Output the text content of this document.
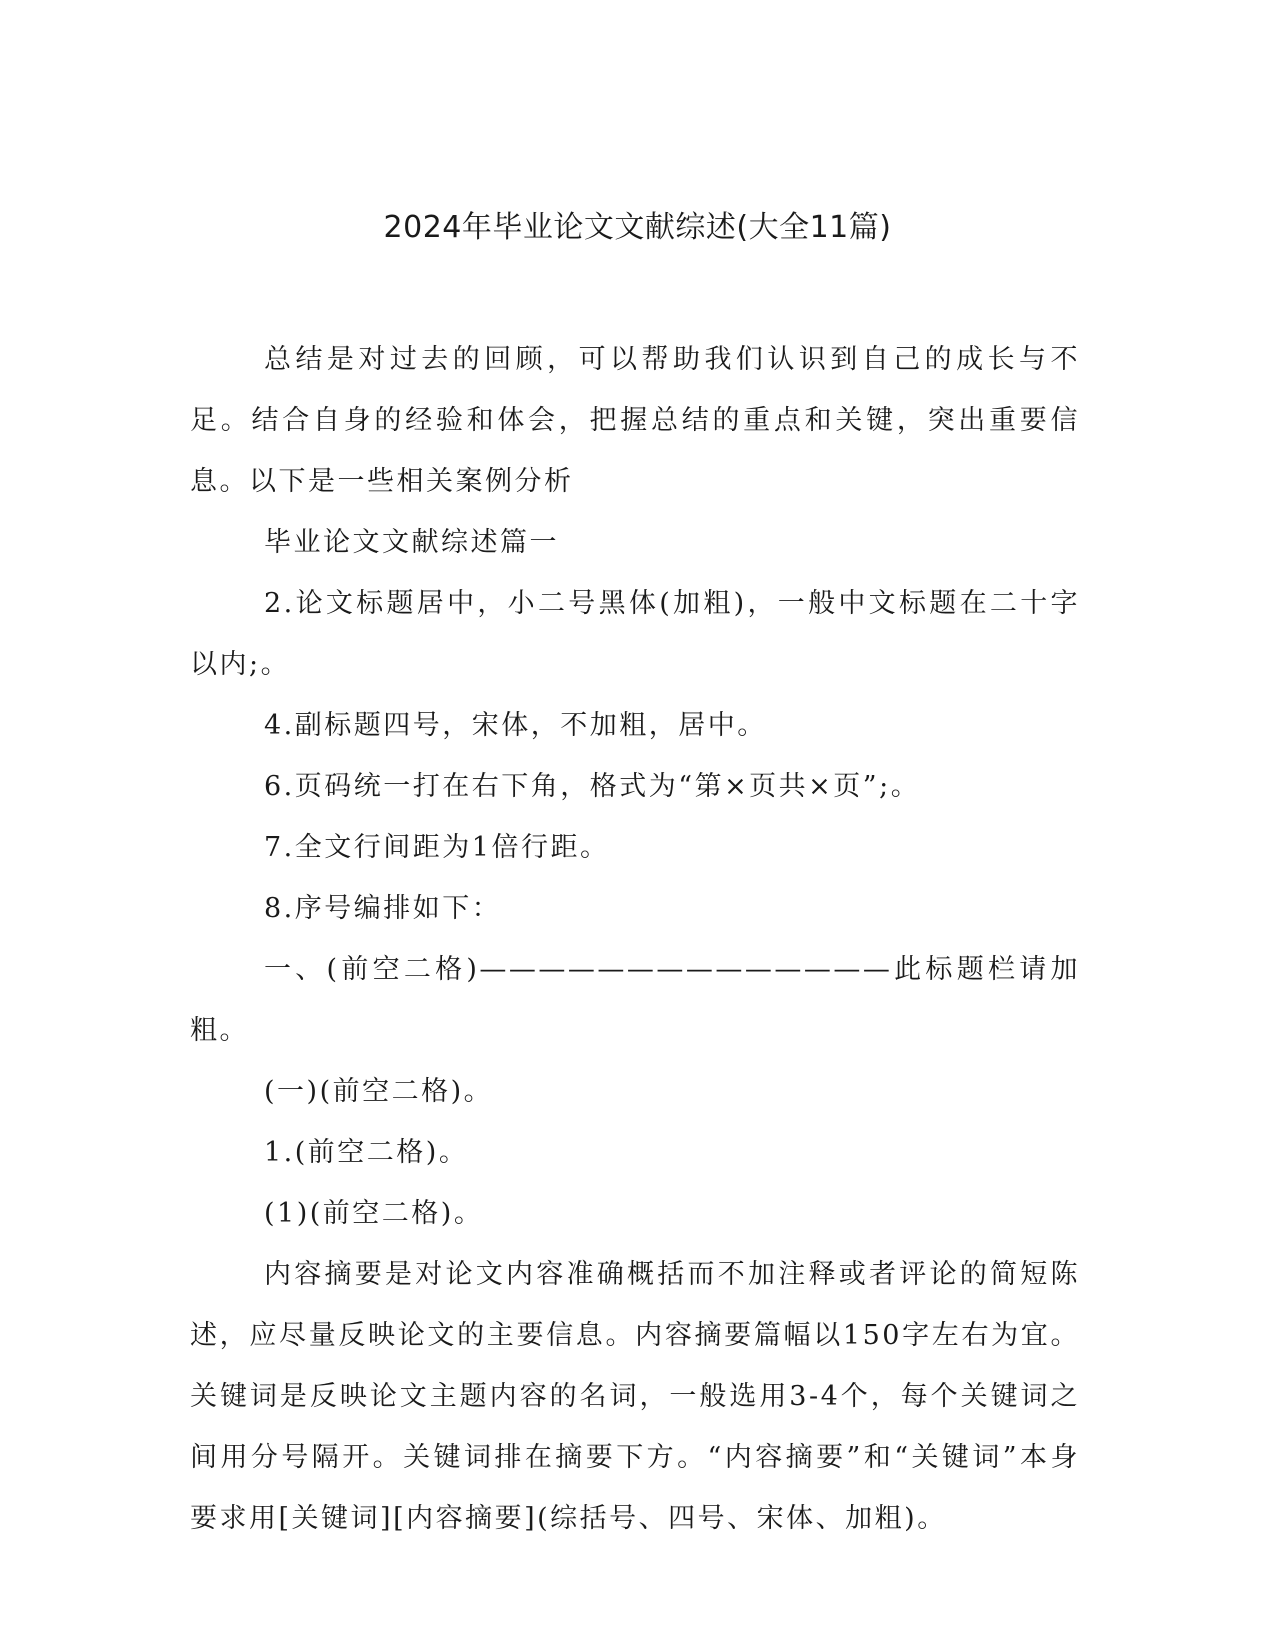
2024年毕业论文文献综述(大全11篇)

总结是对过去的回顾，可以帮助我们认识到自己的成长与不足。结合自身的经验和体会，把握总结的重点和关键，突出重要信息。以下是一些相关案例分析

毕业论文文献综述篇一

2.论文标题居中，小二号黑体(加粗)，一般中文标题在二十字以内;。

4.副标题四号，宋体，不加粗，居中。

6.页码统一打在右下角，格式为“第×页共×页”;。

7.全文行间距为1倍行距。

8.序号编排如下：

一、(前空二格)——————————————此标题栏请加粗。

(一)(前空二格)。

1.(前空二格)。

(1)(前空二格)。

内容摘要是对论文内容准确概括而不加注释或者评论的简短陈述，应尽量反映论文的主要信息。内容摘要篇幅以150字左右为宜。关键词是反映论文主题内容的名词，一般选用3-4个，每个关键词之间用分号隔开。关键词排在摘要下方。“内容摘要”和“关键词”本身要求用[关键词][内容摘要](综括号、四号、宋体、加粗)。
